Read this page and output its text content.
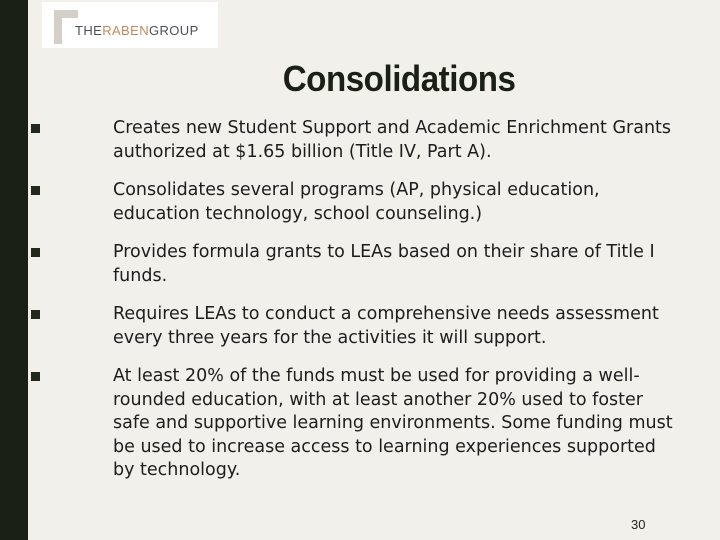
THERABENGROUP
Consolidations
Creates new Student Support and Academic Enrichment Grants authorized at $1.65 billion (Title IV, Part A).
Consolidates several programs (AP, physical education, education technology, school counseling.)
Provides formula grants to LEAs based on their share of Title I funds.
Requires LEAs to conduct a comprehensive needs assessment every three years for the activities it will support.
At least 20% of the funds must be used for providing a well-rounded education, with at least another 20% used to foster safe and supportive learning environments. Some funding must be used to increase access to learning experiences supported by technology.
30
